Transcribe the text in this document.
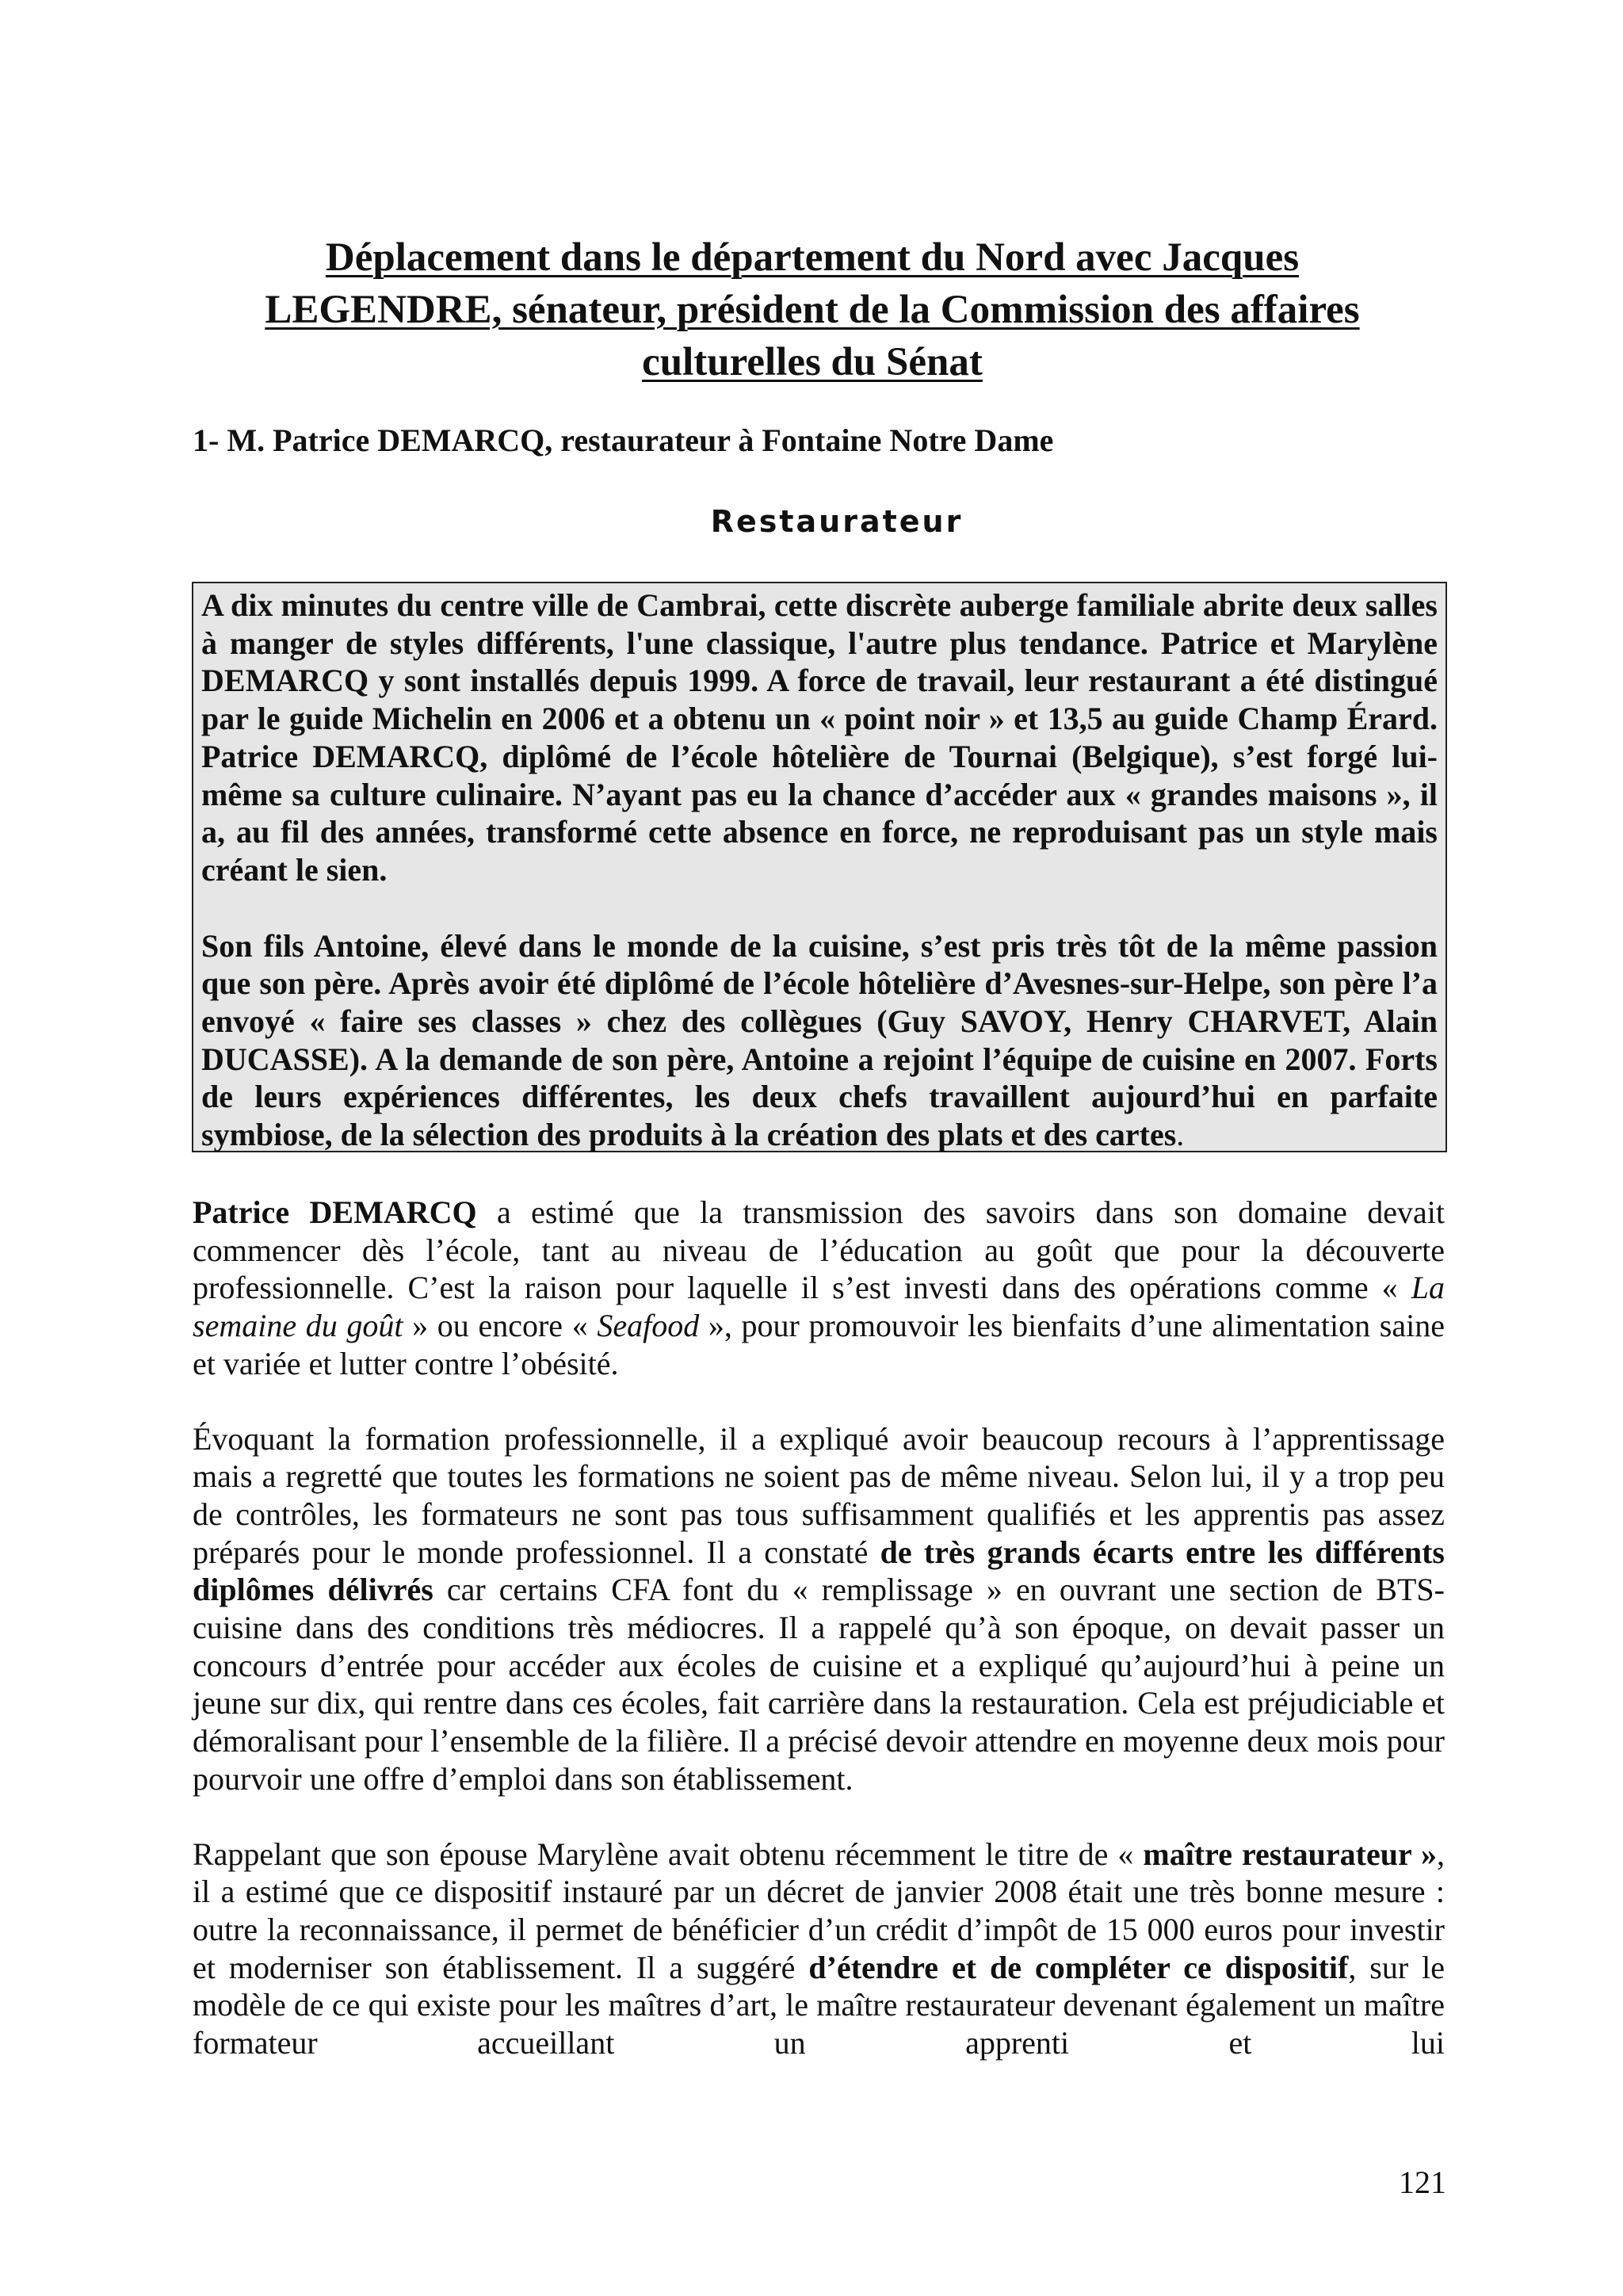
Déplacement dans le département du Nord avec Jacques
LEGENDRE, sénateur, président de la Commission des affaires
culturelles du Sénat
1- M. Patrice DEMARCQ, restaurateur à Fontaine Notre Dame
Restaurateur

A dix minutes du centre ville de Cambrai, cette discrète auberge familiale abrite deux salles à manger de styles différents, l'une classique, l'autre plus tendance. Patrice et Marylène DEMARCQ y sont installés depuis 1999. A force de travail, leur restaurant a été distingué par le guide Michelin en 2006 et a obtenu un « point noir » et 13,5 au guide Champ Érard. Patrice DEMARCQ, diplômé de l’école hôtelière de Tournai (Belgique), s’est forgé lui-même sa culture culinaire. N’ayant pas eu la chance d’accéder aux « grandes maisons », il a, au fil des années, transformé cette absence en force, ne reproduisant pas un style mais créant le sien.

Son fils Antoine, élevé dans le monde de la cuisine, s’est pris très tôt de la même passion que son père. Après avoir été diplômé de l’école hôtelière d’Avesnes-sur-Helpe, son père l’a envoyé « faire ses classes » chez des collègues (Guy SAVOY, Henry CHARVET, Alain DUCASSE). A la demande de son père, Antoine a rejoint l’équipe de cuisine en 2007. Forts de leurs expériences différentes, les deux chefs travaillent aujourd’hui en parfaite symbiose, de la sélection des produits à la création des plats et des cartes.

Patrice DEMARCQ a estimé que la transmission des savoirs dans son domaine devait commencer dès l’école, tant au niveau de l’éducation au goût que pour la découverte professionnelle. C’est la raison pour laquelle il s’est investi dans des opérations comme « La semaine du goût » ou encore « Seafood », pour promouvoir les bienfaits d’une alimentation saine et variée et lutter contre l’obésité.

Évoquant la formation professionnelle, il a expliqué avoir beaucoup recours à l’apprentissage mais a regretté que toutes les formations ne soient pas de même niveau. Selon lui, il y a trop peu de contrôles, les formateurs ne sont pas tous suffisamment qualifiés et les apprentis pas assez préparés pour le monde professionnel. Il a constaté de très grands écarts entre les différents diplômes délivrés car certains CFA font du « remplissage » en ouvrant une section de BTS-cuisine dans des conditions très médiocres. Il a rappelé qu’à son époque, on devait passer un concours d’entrée pour accéder aux écoles de cuisine et a expliqué qu’aujourd’hui à peine un jeune sur dix, qui rentre dans ces écoles, fait carrière dans la restauration. Cela est préjudiciable et démoralisant pour l’ensemble de la filière. Il a précisé devoir attendre en moyenne deux mois pour pourvoir une offre d’emploi dans son établissement.

Rappelant que son épouse Marylène avait obtenu récemment le titre de « maître restaurateur », il a estimé que ce dispositif instauré par un décret de janvier 2008 était une très bonne mesure : outre la reconnaissance, il permet de bénéficier d’un crédit d’impôt de 15 000 euros pour investir et moderniser son établissement. Il a suggéré d’étendre et de compléter ce dispositif, sur le modèle de ce qui existe pour les maîtres d’art, le maître restaurateur devenant également un maître formateur accueillant un apprenti et lui

121
